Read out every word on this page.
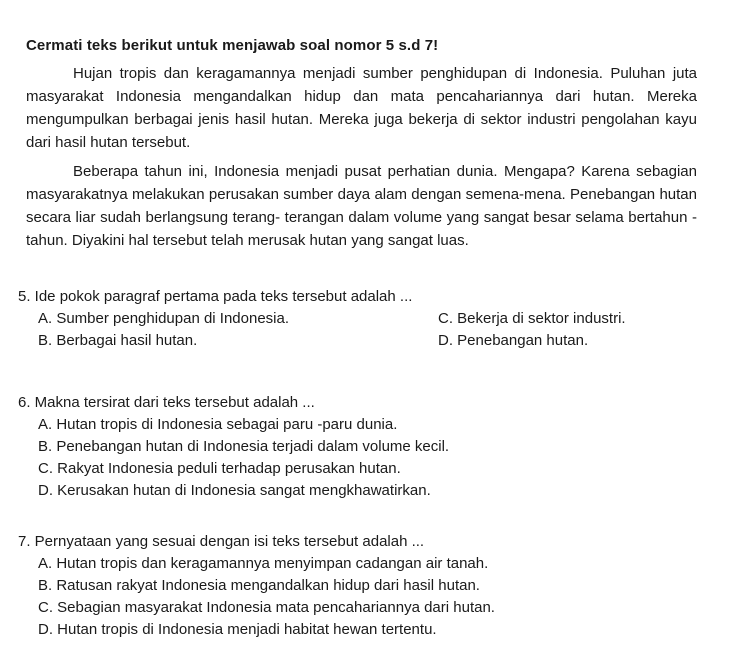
Cermati teks berikut untuk menjawab soal nomor 5 s.d 7!

Hujan tropis dan keragamannya menjadi sumber penghidupan di Indonesia. Puluhan juta masyarakat Indonesia mengandalkan hidup dan mata pencahariannya dari hutan. Mereka mengumpulkan berbagai jenis hasil hutan. Mereka juga bekerja di sektor industri pengolahan kayu dari hasil hutan tersebut.

Beberapa tahun ini, Indonesia menjadi pusat perhatian dunia. Mengapa? Karena sebagian masyarakatnya melakukan perusakan sumber daya alam dengan semena-mena. Penebangan hutan secara liar sudah berlangsung terang- terangan dalam volume yang sangat besar selama bertahun - tahun. Diyakini hal tersebut telah merusak hutan yang sangat luas.

5. Ide pokok paragraf pertama pada teks tersebut adalah ...

A. Sumber penghidupan di Indonesia.	C. Bekerja di sektor industri.

B. Berbagai hasil hutan.	D. Penebangan hutan.

6. Makna tersirat dari teks tersebut adalah ...

A. Hutan tropis di Indonesia sebagai paru -paru dunia.

B. Penebangan hutan di Indonesia terjadi dalam volume kecil.

C. Rakyat Indonesia peduli terhadap perusakan hutan.

D. Kerusakan hutan di Indonesia sangat mengkhawatirkan.

7. Pernyataan yang sesuai dengan isi teks tersebut adalah ...

A. Hutan tropis dan keragamannya menyimpan cadangan air tanah.

B. Ratusan rakyat Indonesia mengandalkan hidup dari hasil hutan.

C. Sebagian masyarakat Indonesia mata pencahariannya dari hutan.

D. Hutan tropis di Indonesia menjadi habitat hewan tertentu.
